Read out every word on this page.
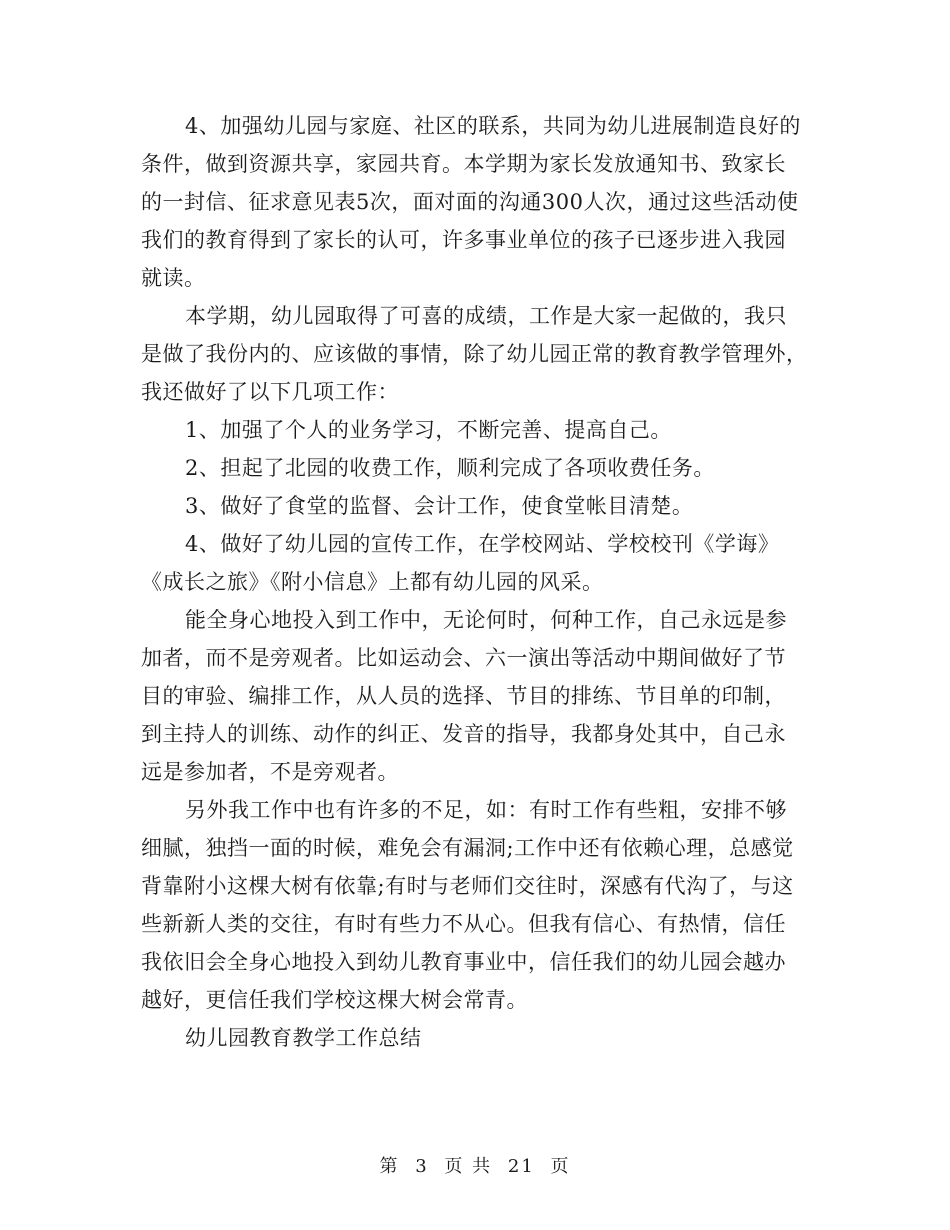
4、加强幼儿园与家庭、社区的联系，共同为幼儿进展制造良好的
条件，做到资源共享，家园共育。本学期为家长发放通知书、致家长
的一封信、征求意见表5次，面对面的沟通300人次，通过这些活动使
我们的教育得到了家长的认可，许多事业单位的孩子已逐步进入我园
就读。
本学期，幼儿园取得了可喜的成绩，工作是大家一起做的，我只
是做了我份内的、应该做的事情，除了幼儿园正常的教育教学管理外，
我还做好了以下几项工作：
1、加强了个人的业务学习，不断完善、提高自己。
2、担起了北园的收费工作，顺利完成了各项收费任务。
3、做好了食堂的监督、会计工作，使食堂帐目清楚。
4、做好了幼儿园的宣传工作，在学校网站、学校校刊《学诲》
《成长之旅》《附小信息》上都有幼儿园的风采。
能全身心地投入到工作中，无论何时，何种工作，自己永远是参
加者，而不是旁观者。比如运动会、六一演出等活动中期间做好了节
目的审验、编排工作，从人员的选择、节目的排练、节目单的印制，
到主持人的训练、动作的纠正、发音的指导，我都身处其中，自己永
远是参加者，不是旁观者。
另外我工作中也有许多的不足，如：有时工作有些粗，安排不够
细腻，独挡一面的时候，难免会有漏洞;工作中还有依赖心理，总感觉
背靠附小这棵大树有依靠;有时与老师们交往时，深感有代沟了，与这
些新新人类的交往，有时有些力不从心。但我有信心、有热情，信任
我依旧会全身心地投入到幼儿教育事业中，信任我们的幼儿园会越办
越好，更信任我们学校这棵大树会常青。
幼儿园教育教学工作总结
第 3 页 共 21 页
